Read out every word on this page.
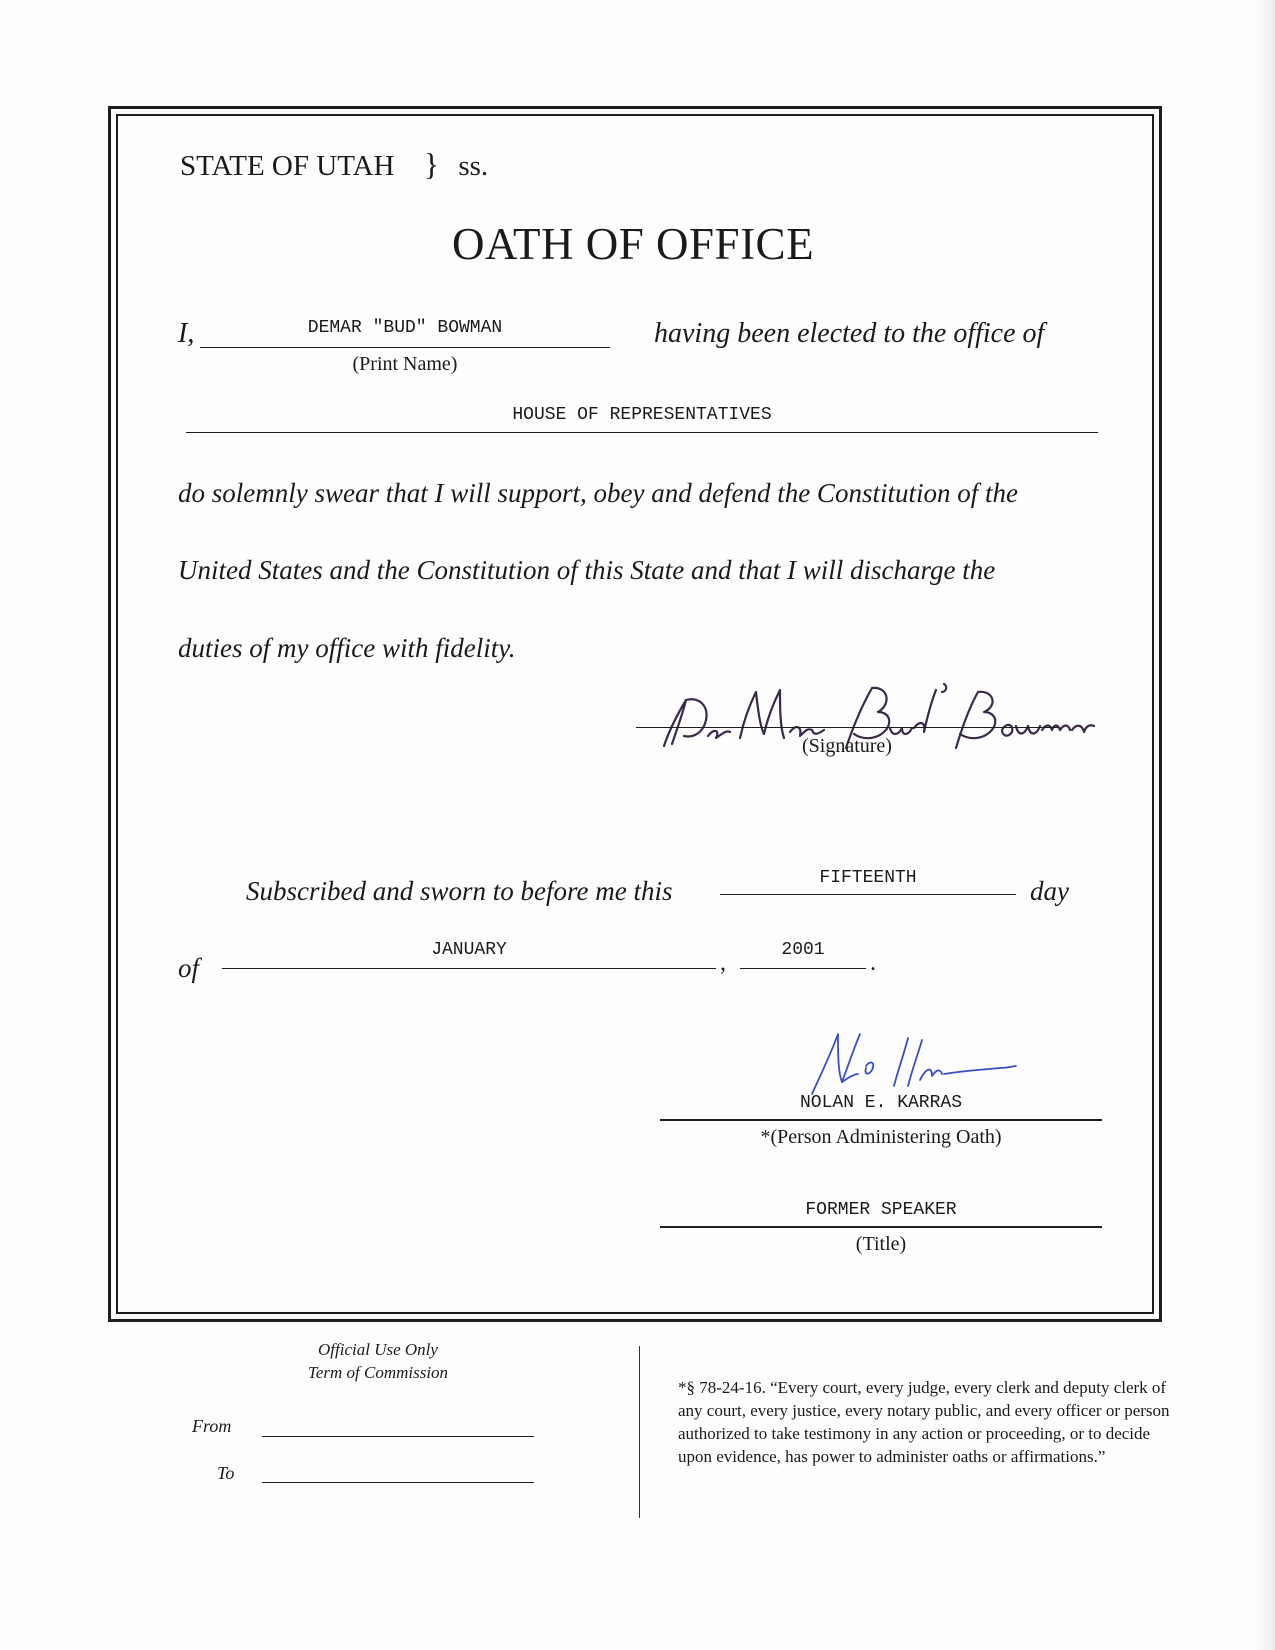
STATE OF UTAH } ss.
OATH OF OFFICE
I,	DEMAR "BUD" BOWMAN
(Print Name)
having been elected to the office of
HOUSE OF REPRESENTATIVES
do solemnly swear that I will support, obey and defend the Constitution of the
United States and the Constitution of this State and that I will discharge the
duties of my office with fidelity.
(Signature)
Subscribed and sworn to before me this	FIFTEENTH	day
of
JANUARY	,	2001	.
NOLAN E. KARRAS
*(Person Administering Oath)
FORMER SPEAKER
(Title)
Official Use Only
Term of Commission
From
To
*§ 78-24-16. “Every court, every judge, every clerk and deputy clerk of any court, every justice, every notary public, and every officer or person authorized to take testimony in any action or proceeding, or to decide upon evidence, has power to administer oaths or affirmations.”
